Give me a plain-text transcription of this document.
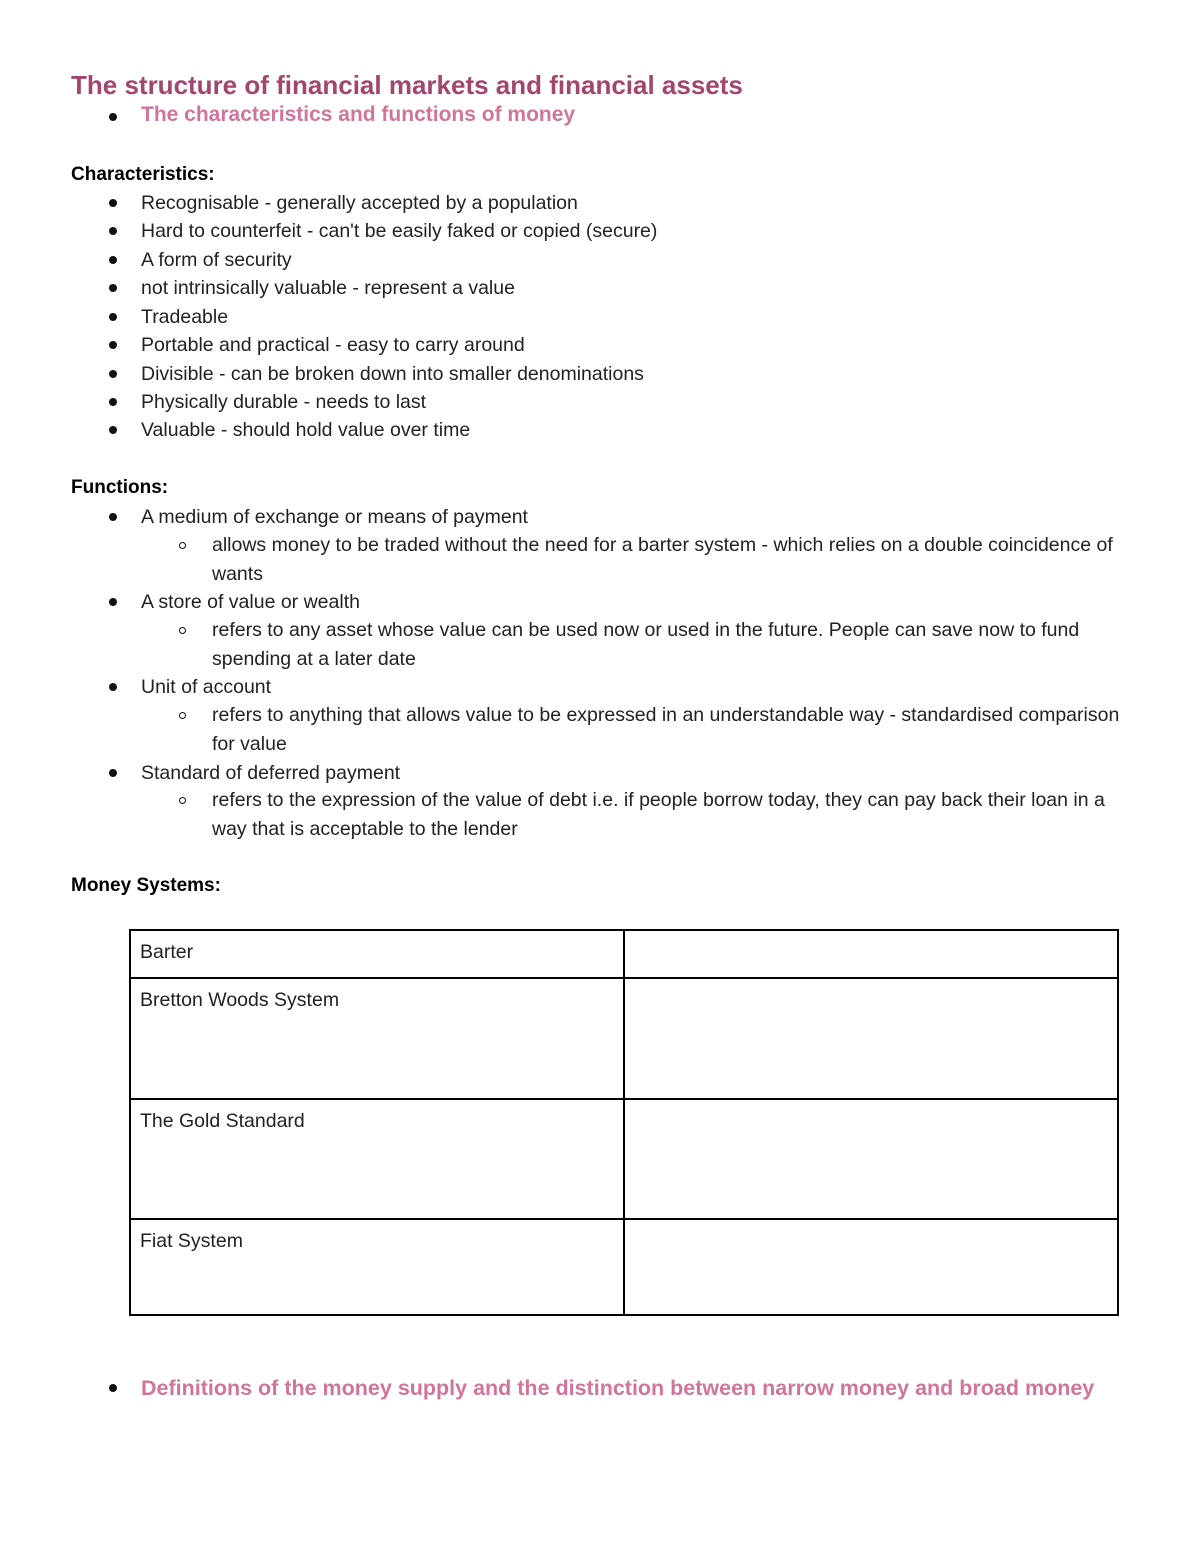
The structure of financial markets and financial assets
The characteristics and functions of money
Characteristics:
Recognisable - generally accepted by a population
Hard to counterfeit - can't be easily faked or copied (secure)
A form of security
not intrinsically valuable - represent a value
Tradeable
Portable and practical - easy to carry around
Divisible - can be broken down into smaller denominations
Physically durable - needs to last
Valuable - should hold value over time
Functions:
A medium of exchange or means of payment
allows money to be traded without the need for a barter system - which relies on a double coincidence of wants
A store of value or wealth
refers to any asset whose value can be used now or used in the future. People can save now to fund spending at a later date
Unit of account
refers to anything that allows value to be expressed in an understandable way - standardised comparison for value
Standard of deferred payment
refers to the expression of the value of debt i.e. if people borrow today, they can pay back their loan in a way that is acceptable to the lender
Money Systems:
Barter	
Bretton Woods System	
The Gold Standard	
Fiat System	
Definitions of the money supply and the distinction between narrow money and broad money
